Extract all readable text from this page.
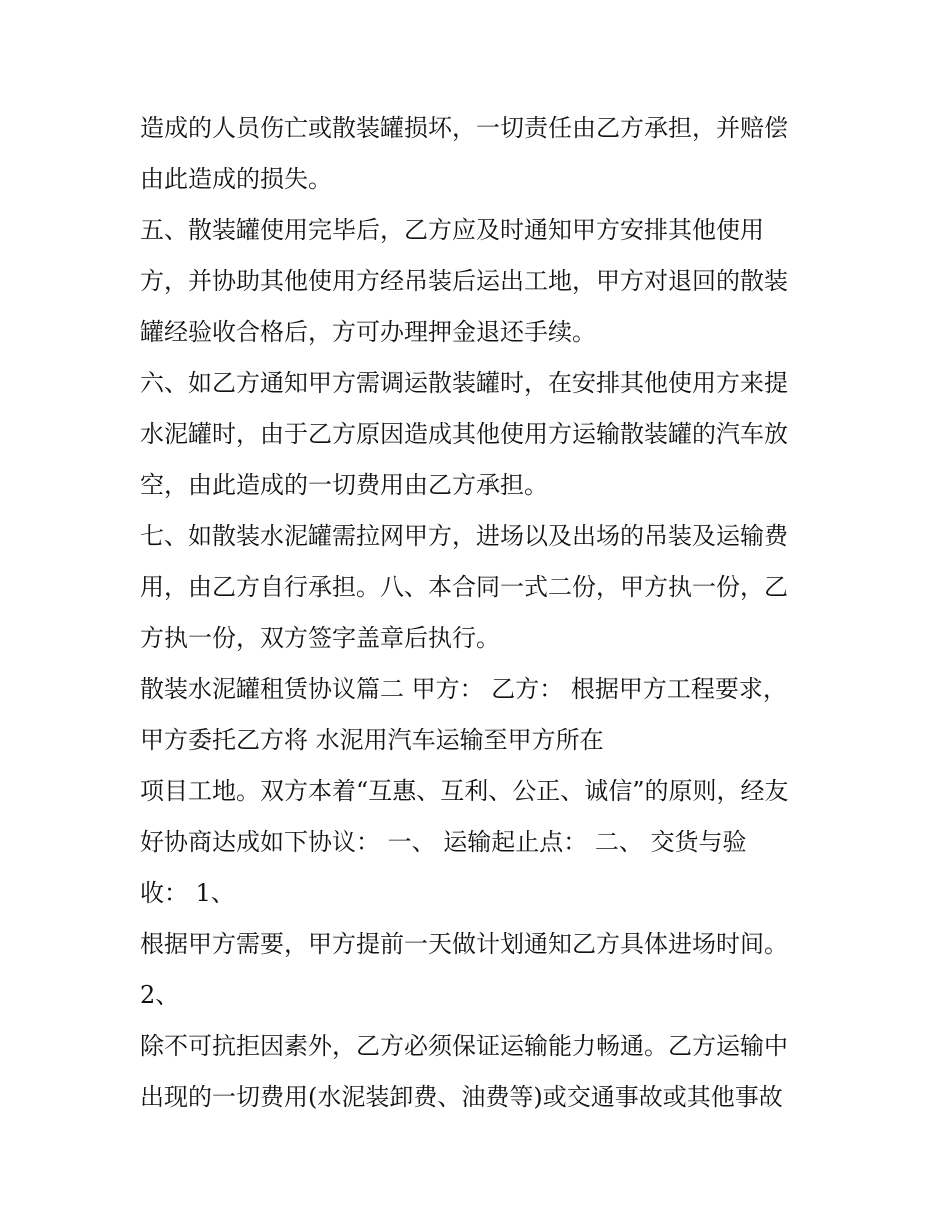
造成的人员伤亡或散装罐损坏，一切责任由乙方承担，并赔偿

由此造成的损失。

五、散装罐使用完毕后，乙方应及时通知甲方安排其他使用

方，并协助其他使用方经吊装后运出工地，甲方对退回的散装

罐经验收合格后，方可办理押金退还手续。

六、如乙方通知甲方需调运散装罐时，在安排其他使用方来提

水泥罐时，由于乙方原因造成其他使用方运输散装罐的汽车放

空，由此造成的一切费用由乙方承担。

七、如散装水泥罐需拉网甲方，进场以及出场的吊装及运输费

用，由乙方自行承担。八、本合同一式二份，甲方执一份，乙

方执一份，双方签字盖章后执行。

散装水泥罐租赁协议篇二 甲方： 乙方： 根据甲方工程要求，

甲方委托乙方将 水泥用汽车运输至甲方所在

项目工地。双方本着“互惠、互利、公正、诚信”的原则，经友

好协商达成如下协议： 一、 运输起止点： 二、 交货与验

收： 1、

根据甲方需要，甲方提前一天做计划通知乙方具体进场时间。

2、

除不可抗拒因素外，乙方必须保证运输能力畅通。乙方运输中

出现的一切费用(水泥装卸费、油费等)或交通事故或其他事故
